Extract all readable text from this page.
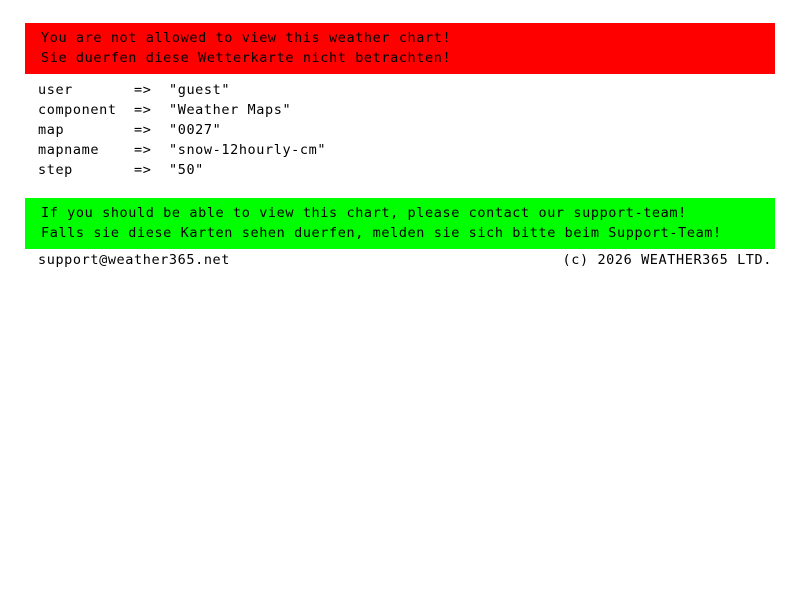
You are not allowed to view this weather chart!
Sie duerfen diese Wetterkarte nicht betrachten!
user	=>	"guest"
component	=>	"Weather Maps"
map	=>	"0027"
mapname	=>	"snow-12hourly-cm"
step	=>	"50"
If you should be able to view this chart, please contact our support-team!
Falls sie diese Karten sehen duerfen, melden sie sich bitte beim Support-Team!
support@weather365.net	(c) 2026 WEATHER365 LTD.
